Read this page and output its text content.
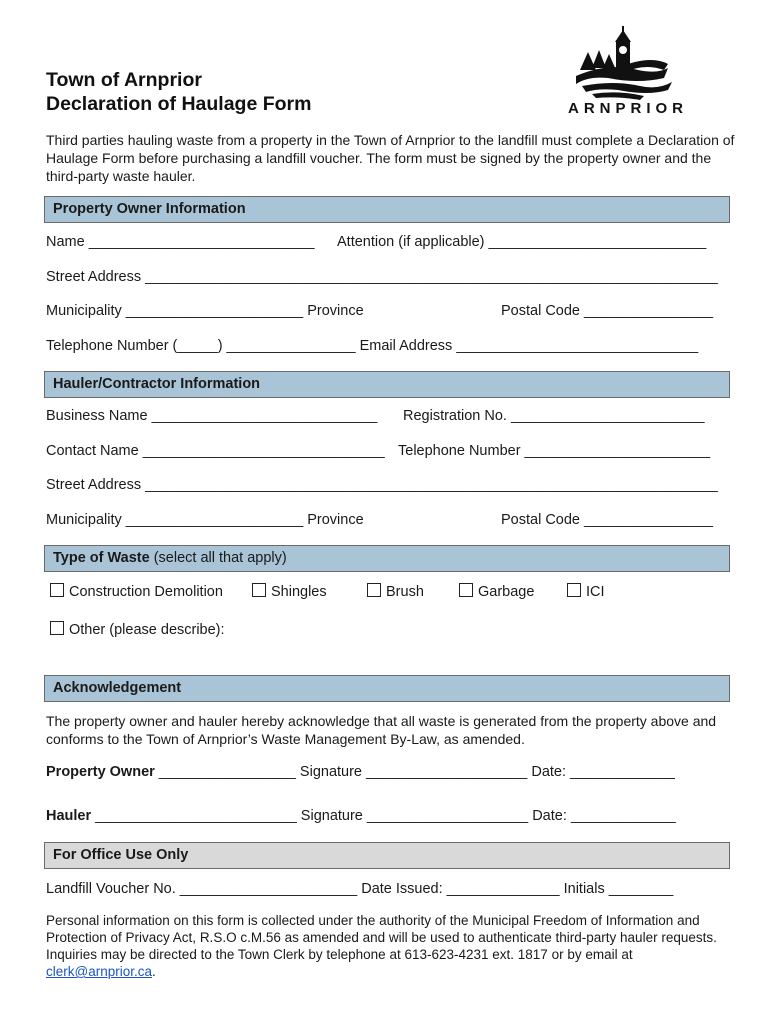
Town of Arnprior
Declaration of Haulage Form	ARNPRIOR
Third parties hauling waste from a property in the Town of Arnprior to the landfill must complete a Declaration of Haulage Form before purchasing a landfill voucher. The form must be signed by the property owner and the third-party waste hauler.
Property Owner Information
Name ____________________________ Attention (if applicable) ___________________________
Street Address _______________________________________________________________________
Municipality ______________________ Province	Postal Code ________________
Telephone Number (_____) ________________ Email Address ______________________________
Hauler/Contractor Information
Business Name ____________________________ Registration No. ________________________
Contact Name ______________________________ Telephone Number _______________________
Street Address _______________________________________________________________________
Municipality ______________________ Province	Postal Code ________________
Type of Waste (select all that apply)
Construction Demolition	Shingles	Brush	Garbage	ICI
Other (please describe):
Acknowledgement
The property owner and hauler hereby acknowledge that all waste is generated from the property above and conforms to the Town of Arnprior’s Waste Management By-Law, as amended.
Property Owner _________________ Signature ____________________ Date: _____________
Hauler _________________________ Signature ____________________ Date: _____________
For Office Use Only
Landfill Voucher No. ______________________ Date Issued: ______________ Initials ________
Personal information on this form is collected under the authority of the Municipal Freedom of Information and Protection of Privacy Act, R.S.O c.M.56 as amended and will be used to authenticate third-party hauler requests. Inquiries may be directed to the Town Clerk by telephone at 613-623-4231 ext. 1817 or by email at clerk@arnprior.ca.
